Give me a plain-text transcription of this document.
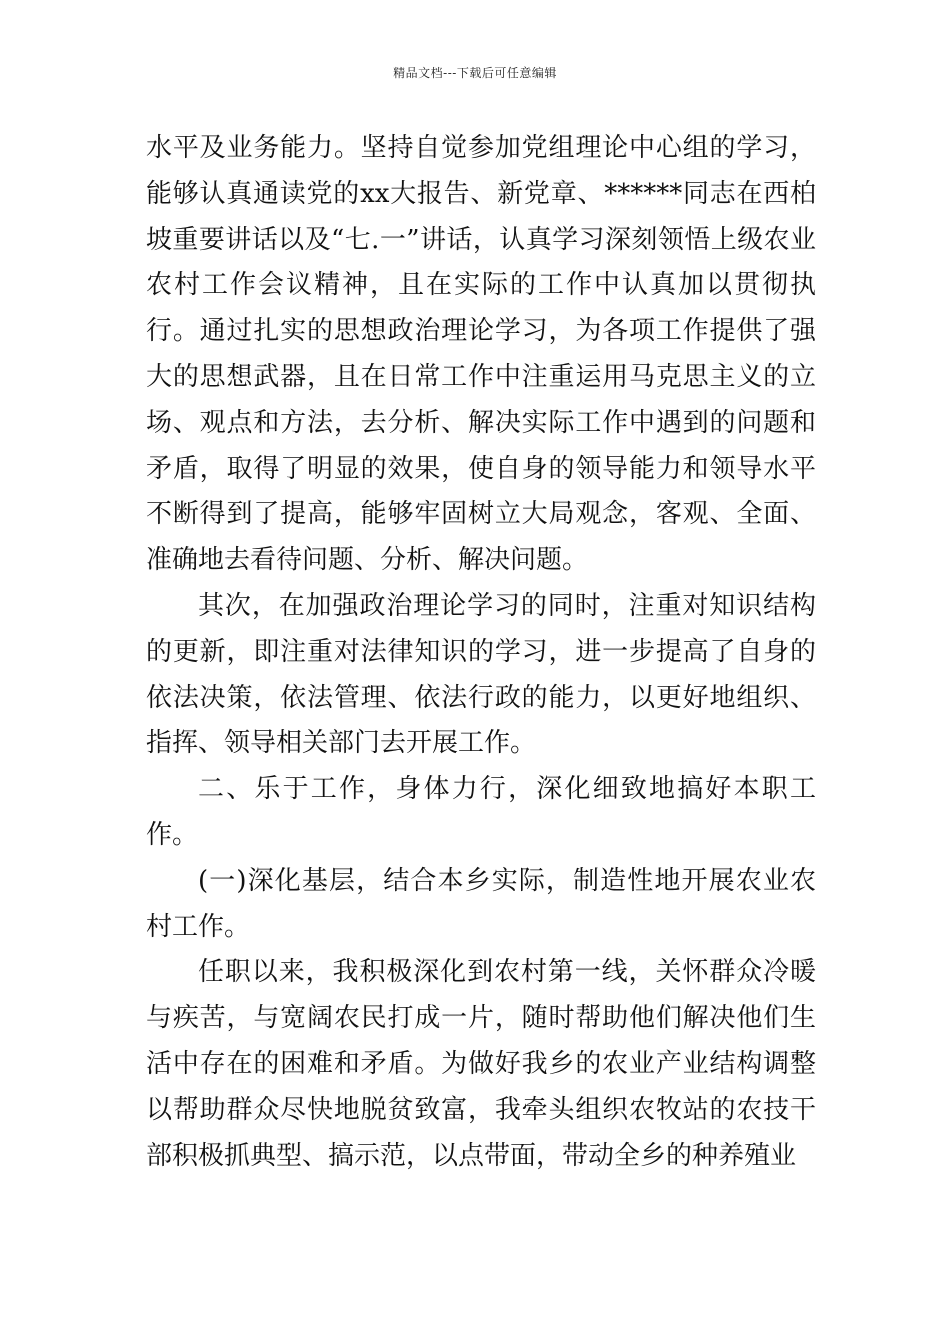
精品文档---下载后可任意编辑

水平及业务能力。坚持自觉参加党组理论中心组的学习，能够认真通读党的xx大报告、新党章、******同志在西柏坡重要讲话以及“七.一”讲话，认真学习深刻领悟上级农业农村工作会议精神，且在实际的工作中认真加以贯彻执行。通过扎实的思想政治理论学习，为各项工作提供了强大的思想武器，且在日常工作中注重运用马克思主义的立场、观点和方法，去分析、解决实际工作中遇到的问题和矛盾，取得了明显的效果，使自身的领导能力和领导水平不断得到了提高，能够牢固树立大局观念，客观、全面、准确地去看待问题、分析、解决问题。

其次，在加强政治理论学习的同时，注重对知识结构的更新，即注重对法律知识的学习，进一步提高了自身的依法决策，依法管理、依法行政的能力，以更好地组织、指挥、领导相关部门去开展工作。

二、乐于工作，身体力行，深化细致地搞好本职工作。

(一)深化基层，结合本乡实际，制造性地开展农业农村工作。

任职以来，我积极深化到农村第一线，关怀群众冷暖与疾苦，与宽阔农民打成一片，随时帮助他们解决他们生活中存在的困难和矛盾。为做好我乡的农业产业结构调整以帮助群众尽快地脱贫致富，我牵头组织农牧站的农技干部积极抓典型、搞示范，以点带面，带动全乡的种养殖业
